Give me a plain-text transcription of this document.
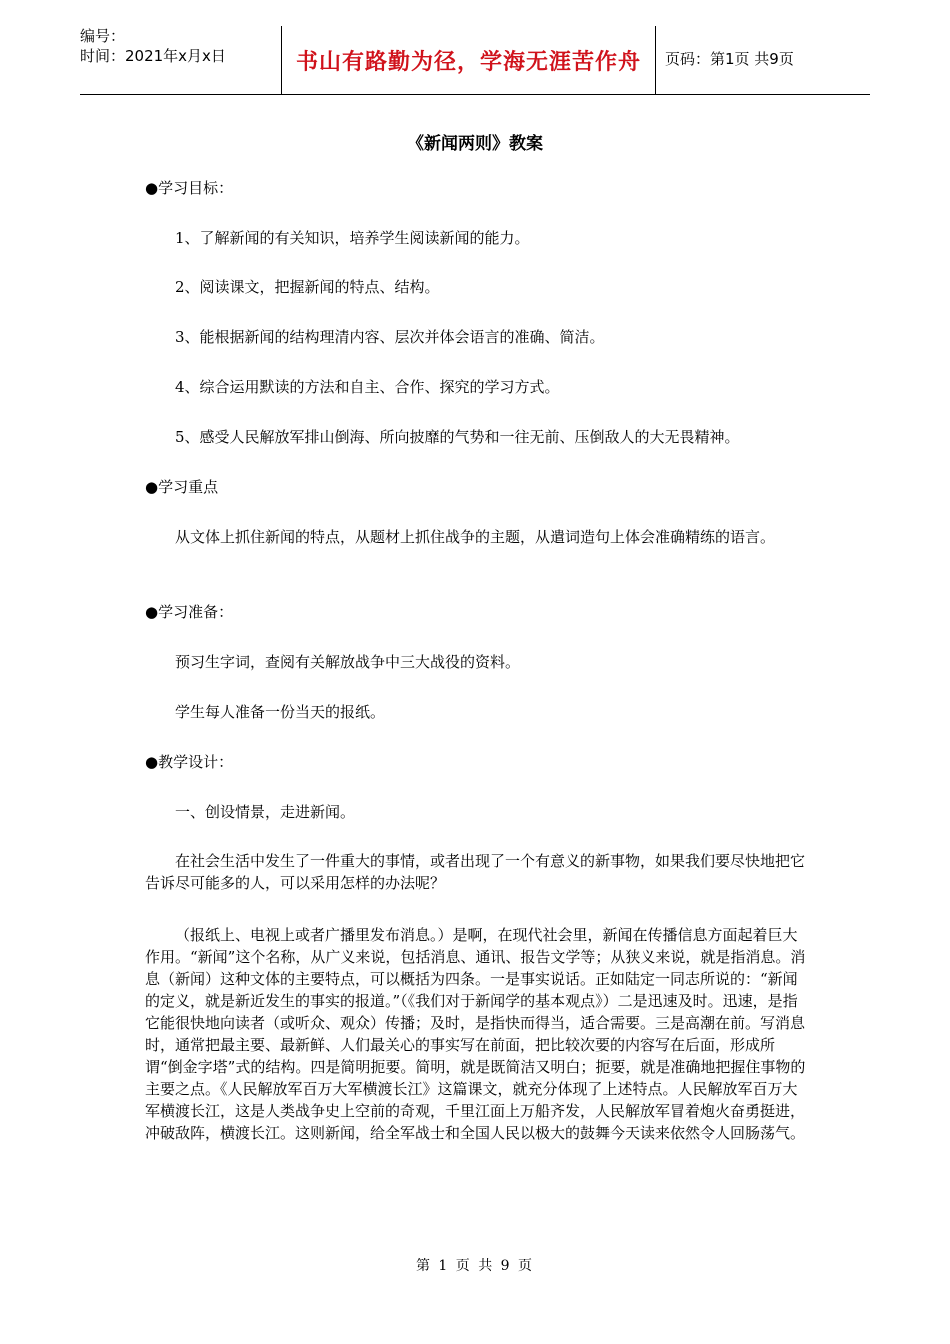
编号：
时间：2021年x月x日	书山有路勤为径，学海无涯苦作舟	页码：第1页 共9页
《新闻两则》教案

●学习目标：

1、了解新闻的有关知识，培养学生阅读新闻的能力。

2、阅读课文，把握新闻的特点、结构。

3、能根据新闻的结构理清内容、层次并体会语言的准确、简洁。

4、综合运用默读的方法和自主、合作、探究的学习方式。

5、感受人民解放军排山倒海、所向披靡的气势和一往无前、压倒敌人的大无畏精神。

●学习重点

从文体上抓住新闻的特点，从题材上抓住战争的主题，从遣词造句上体会准确精练的语言。

●学习准备：

预习生字词，查阅有关解放战争中三大战役的资料。

学生每人准备一份当天的报纸。

●教学设计：

一、创设情景，走进新闻。

在社会生活中发生了一件重大的事情，或者出现了一个有意义的新事物，如果我们要尽快地把它告诉尽可能多的人，可以采用怎样的办法呢？

（报纸上、电视上或者广播里发布消息。）是啊，在现代社会里，新闻在传播信息方面起着巨大作用。“新闻”这个名称，从广义来说，包括消息、通讯、报告文学等；从狭义来说，就是指消息。消息（新闻）这种文体的主要特点，可以概括为四条。一是事实说话。正如陆定一同志所说的：“新闻的定义，就是新近发生的事实的报道。”（《我们对于新闻学的基本观点》）二是迅速及时。迅速，是指它能很快地向读者（或听众、观众）传播；及时，是指快而得当，适合需要。三是高潮在前。写消息时，通常把最主要、最新鲜、人们最关心的事实写在前面，把比较次要的内容写在后面，形成所谓“倒金字塔”式的结构。四是简明扼要。简明，就是既简洁又明白；扼要，就是准确地把握住事物的主要之点。《人民解放军百万大军横渡长江》这篇课文，就充分体现了上述特点。人民解放军百万大军横渡长江，这是人类战争史上空前的奇观，千里江面上万船齐发，人民解放军冒着炮火奋勇挺进，冲破敌阵，横渡长江。这则新闻，给全军战士和全国人民以极大的鼓舞今天读来依然令人回肠荡气。

第 1 页 共 9 页
